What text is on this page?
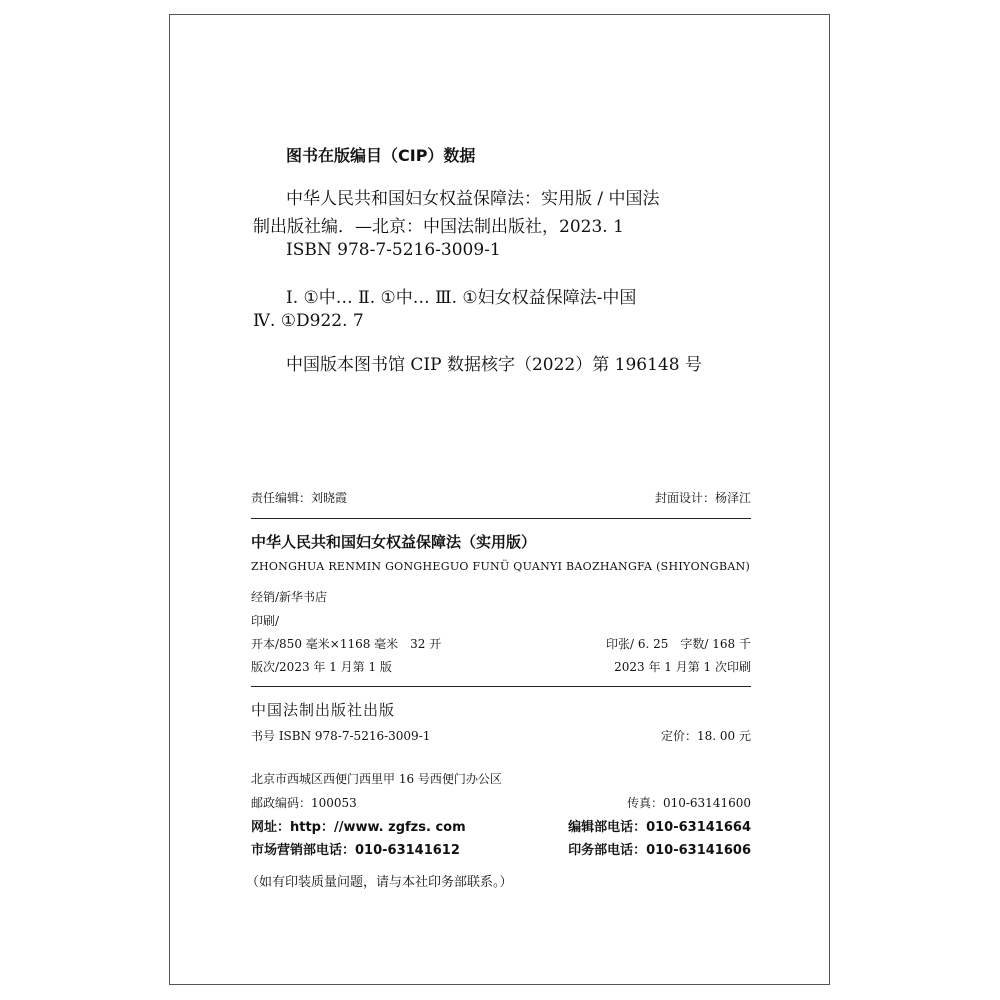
图书在版编目（CIP）数据
中华人民共和国妇女权益保障法：实用版 / 中国法
制出版社编．—北京：中国法制出版社，2023. 1
ISBN 978-7-5216-3009-1
Ⅰ. ①中… Ⅱ. ①中… Ⅲ. ①妇女权益保障法-中国
Ⅳ. ①D922. 7
中国版本图书馆 CIP 数据核字（2022）第 196148 号
责任编辑：刘晓霞	封面设计：杨泽江
中华人民共和国妇女权益保障法（实用版）
ZHONGHUA RENMIN GONGHEGUO FUNÜ QUANYI BAOZHANGFA (SHIYONGBAN)
经销/新华书店
印刷/
开本/850 毫米×1168 毫米　32 开	印张/ 6. 25　字数/ 168 千
版次/2023 年 1 月第 1 版	2023 年 1 月第 1 次印刷
中国法制出版社出版
书号 ISBN 978-7-5216-3009-1	定价：18. 00 元
北京市西城区西便门西里甲 16 号西便门办公区
邮政编码：100053	传真：010-63141600
网址：http：//www. zgfzs. com	编辑部电话：010-63141664
市场营销部电话：010-63141612	印务部电话：010-63141606
（如有印装质量问题，请与本社印务部联系。）
